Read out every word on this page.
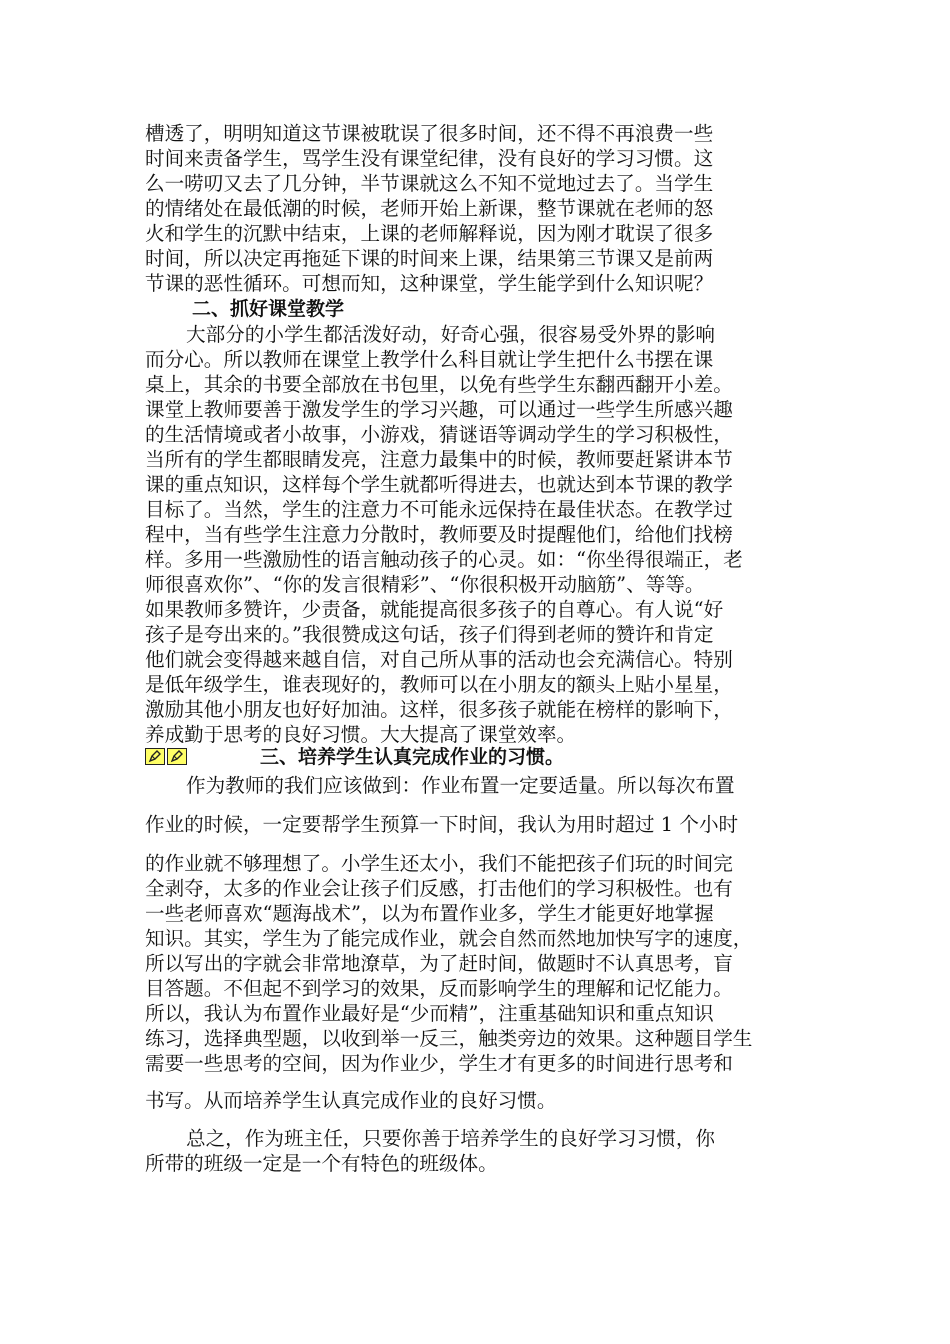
槽透了，明明知道这节课被耽误了很多时间，还不得不再浪费一些
时间来责备学生，骂学生没有课堂纪律，没有良好的学习习惯。这
么一唠叨又去了几分钟，半节课就这么不知不觉地过去了。当学生
的情绪处在最低潮的时候，老师开始上新课，整节课就在老师的怒
火和学生的沉默中结束，上课的老师解释说，因为刚才耽误了很多
时间，所以决定再拖延下课的时间来上课，结果第三节课又是前两
节课的恶性循环。可想而知，这种课堂，学生能学到什么知识呢？
二、抓好课堂教学
大部分的小学生都活泼好动，好奇心强，很容易受外界的影响
而分心。所以教师在课堂上教学什么科目就让学生把什么书摆在课
桌上，其余的书要全部放在书包里，以免有些学生东翻西翻开小差。
课堂上教师要善于激发学生的学习兴趣，可以通过一些学生所感兴趣
的生活情境或者小故事，小游戏，猜谜语等调动学生的学习积极性，
当所有的学生都眼睛发亮，注意力最集中的时候，教师要赶紧讲本节
课的重点知识，这样每个学生就都听得进去，也就达到本节课的教学
目标了。当然，学生的注意力不可能永远保持在最佳状态。在教学过
程中，当有些学生注意力分散时，教师要及时提醒他们，给他们找榜
样。多用一些激励性的语言触动孩子的心灵。如：“你坐得很端正，老
师很喜欢你”、“你的发言很精彩”、“你很积极开动脑筋”、等等。
如果教师多赞许，少责备，就能提高很多孩子的自尊心。有人说“好
孩子是夸出来的。”我很赞成这句话，孩子们得到老师的赞许和肯定
他们就会变得越来越自信，对自己所从事的活动也会充满信心。特别
是低年级学生，谁表现好的，教师可以在小朋友的额头上贴小星星，
激励其他小朋友也好好加油。这样，很多孩子就能在榜样的影响下，
养成勤于思考的良好习惯。大大提高了课堂效率。
三、培养学生认真完成作业的习惯。
作为教师的我们应该做到：作业布置一定要适量。所以每次布置
作业的时候，一定要帮学生预算一下时间，我认为用时超过 1 个小时
的作业就不够理想了。小学生还太小，我们不能把孩子们玩的时间完
全剥夺，太多的作业会让孩子们反感，打击他们的学习积极性。也有
一些老师喜欢“题海战术”，以为布置作业多，学生才能更好地掌握
知识。其实，学生为了能完成作业，就会自然而然地加快写字的速度，
所以写出的字就会非常地潦草，为了赶时间，做题时不认真思考，盲
目答题。不但起不到学习的效果，反而影响学生的理解和记忆能力。
所以，我认为布置作业最好是“少而精”，注重基础知识和重点知识
练习，选择典型题，以收到举一反三，触类旁边的效果。这种题目学生
需要一些思考的空间，因为作业少，学生才有更多的时间进行思考和
书写。从而培养学生认真完成作业的良好习惯。
总之，作为班主任，只要你善于培养学生的良好学习习惯，你
所带的班级一定是一个有特色的班级体。
